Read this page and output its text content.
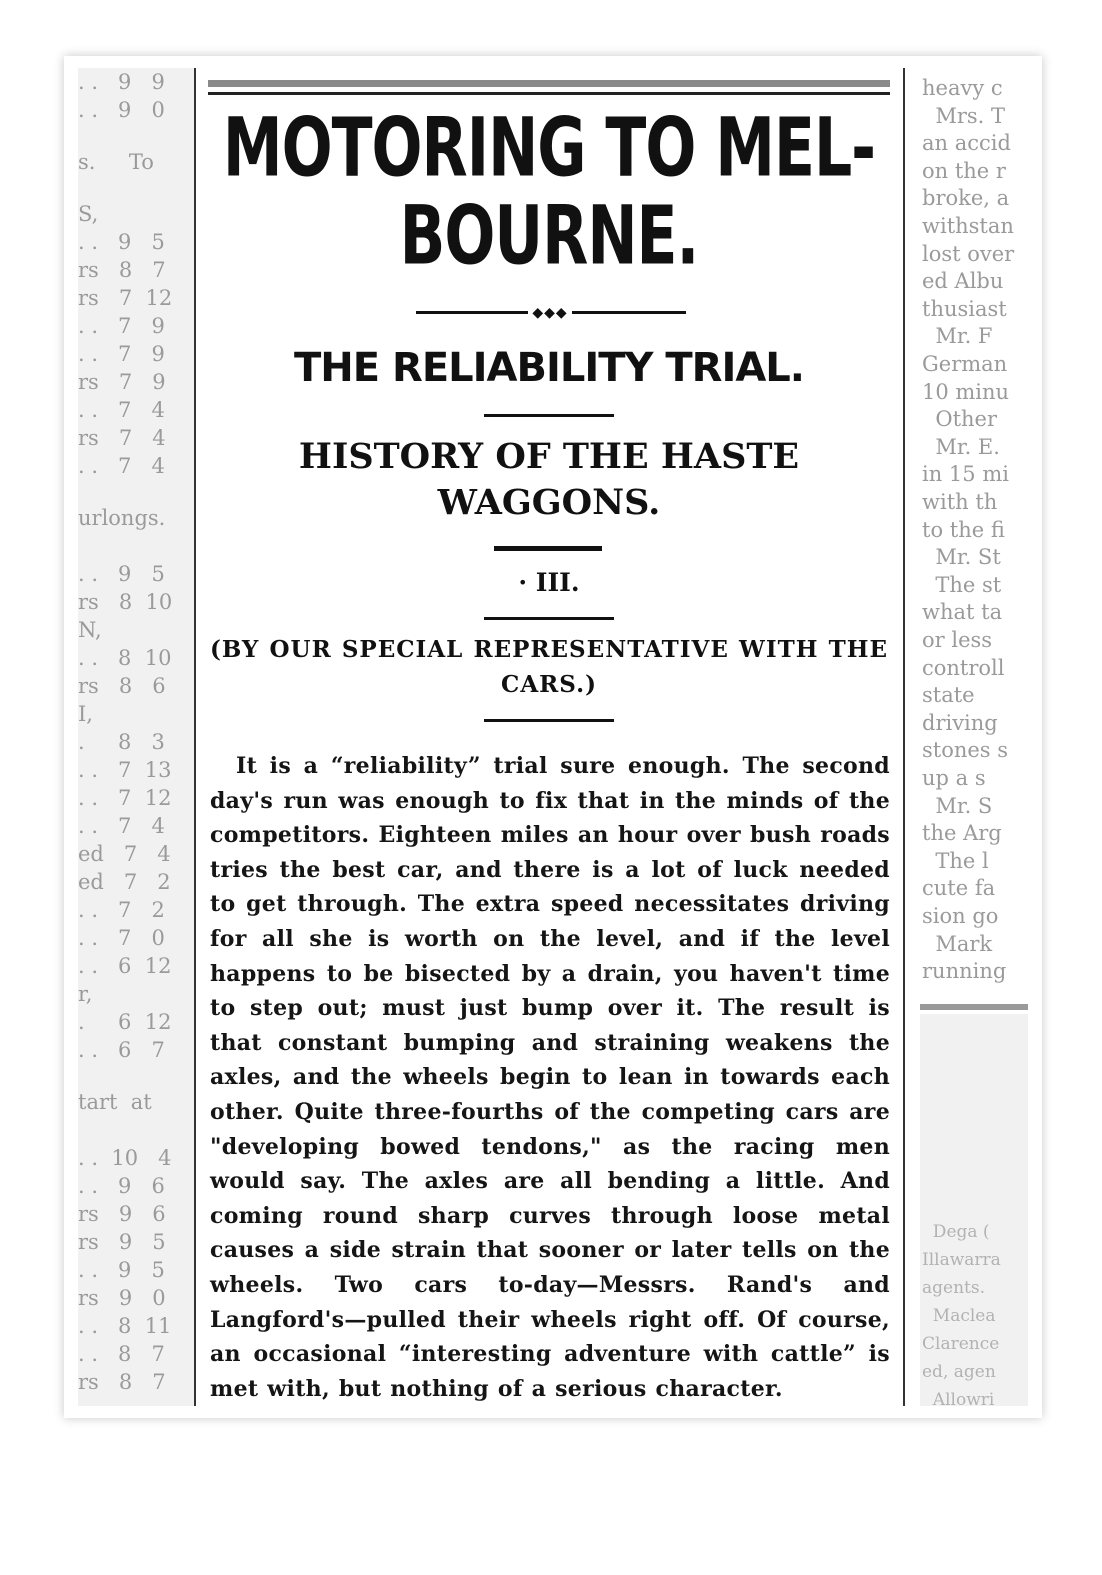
. .   9   9
. .   9   0
s.     To
S,
. .   9   5
rs   8   7
rs   7  12
. .   7   9
. .   7   9
rs   7   9
. .   7   4
rs   7   4
. .   7   4
urlongs.
. .   9   5
rs   8  10
N,
. .   8  10
rs   8   6
I,
.     8   3
. .   7  13
. .   7  12
. .   7   4
ed   7   4
ed   7   2
. .   7   2
. .   7   0
. .   6  12
r,
.     6  12
. .   6   7
tart  at
. .  10   4
. .   9   6
rs   9   6
rs   9   5
. .   9   5
rs   9   0
. .   8  11
. .   8   7
rs   8   7
MOTORING TO MEL-
BOURNE.
◆◆◆
THE RELIABILITY TRIAL.
HISTORY OF THE HASTE WAGGONS.
· III.
(BY OUR SPECIAL REPRESENTATIVE WITH THE CARS.)

It is a “reliability” trial sure enough. The second day's run was enough to fix that in the minds of the competitors. Eighteen miles an hour over bush roads tries the best car, and there is a lot of luck needed to get through. The extra speed necessitates driving for all she is worth on the level, and if the level happens to be bisected by a drain, you haven't time to step out; must just bump over it. The result is that constant bumping and straining weakens the axles, and the wheels begin to lean in towards each other. Quite three-fourths of the competing cars are "developing bowed tendons," as the racing men would say. The axles are all bending a little. And coming round sharp curves through loose metal causes a side strain that sooner or later tells on the wheels. Two cars to-day—Messrs. Rand's and Langford's—pulled their wheels right off. Of course, an occasional “interesting adventure with cattle” is met with, but nothing of a serious character.

heavy c
Mrs. T
an accid
on the r
broke, a
withstan
lost over
ed Albu
thusiast
Mr. F
German
10 minu
Other
Mr. E.
in 15 mi
with th
to the fi
Mr. St
The st
what ta
or less
controll
state
driving
stones s
up a s
Mr. S
the Arg
The l
cute fa
sion go
Mark
running
Dega (
Illawarra
agents.
Maclea
Clarence
ed, agen
Allowri
